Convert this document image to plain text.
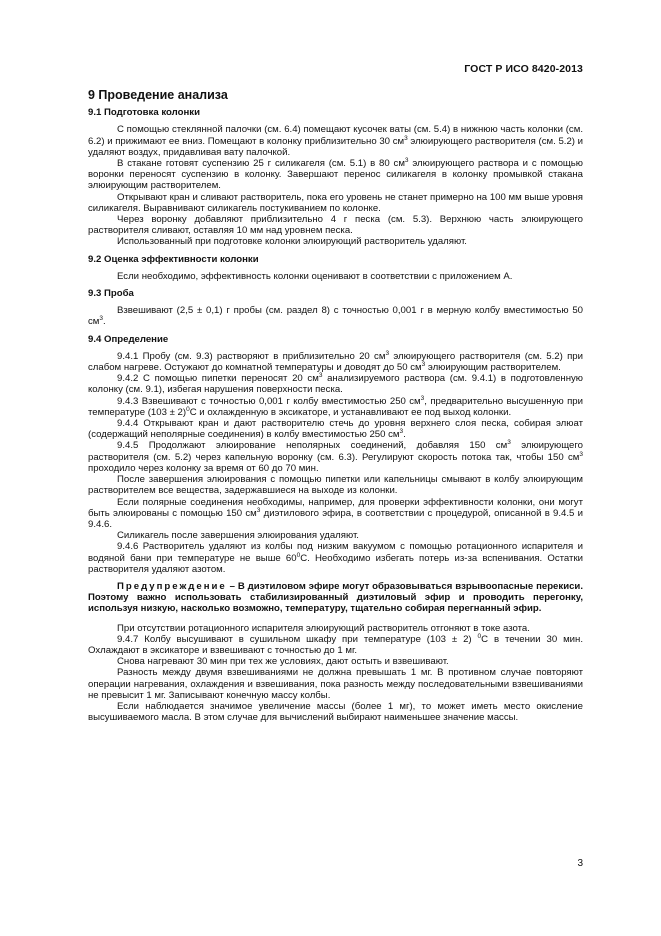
ГОСТ Р ИСО 8420-2013
9 Проведение анализа
9.1 Подготовка колонки

С помощью стеклянной палочки (см. 6.4) помещают кусочек ваты (см. 5.4) в нижнюю часть колонки (см. 6.2) и прижимают ее вниз. Помещают в колонку приблизительно 30 $см^3$ элюирующего растворителя (см. 5.2) и удаляют воздух, придавливая вату палочкой.

В стакане готовят суспензию 25 г силикагеля (см. 5.1) в 80 $см^3$ элюирующего раствора и с помощью воронки переносят суспензию в колонку. Завершают перенос силикагеля в колонку промывкой стакана элюирующим растворителем.

Открывают кран и сливают растворитель, пока его уровень не станет примерно на 100 мм выше уровня силикагеля. Выравнивают силикагель постукиванием по колонке.

Через воронку добавляют приблизительно 4 г песка (см. 5.3). Верхнюю часть элюирующего растворителя сливают, оставляя 10 мм над уровнем песка.

Использованный при подготовке колонки элюирующий растворитель удаляют.

9.2 Оценка эффективности колонки

Если необходимо, эффективность колонки оценивают в соответствии с приложением А.

9.3 Проба

Взвешивают (2,5 ± 0,1) г пробы (см. раздел 8) с точностью 0,001 г в мерную колбу вместимостью 50 $см^3$.

9.4 Определение

9.4.1 Пробу (см. 9.3) растворяют в приблизительно 20 $см^3$ элюирующего растворителя (см. 5.2) при слабом нагреве. Остужают до комнатной температуры и доводят до 50 $см^3$ элюирующим растворителем.

9.4.2 С помощью пипетки переносят 20 $см^3$ анализируемого раствора (см. 9.4.1) в подготовленную колонку (см. 9.1), избегая нарушения поверхности песка.

9.4.3 Взвешивают с точностью 0,001 г колбу вместимостью 250 $см^3$, предварительно высушенную при температуре $(103 \pm 2)^0С$ и охлажденную в эксикаторе, и устанавливают ее под выход колонки.

9.4.4 Открывают кран и дают растворителю стечь до уровня верхнего слоя песка, собирая элюат (содержащий неполярные соединения) в колбу вместимостью 250 $см^3$.

9.4.5 Продолжают элюирование неполярных соединений, добавляя 150 $см^3$ элюирующего растворителя (см. 5.2) через капельную воронку (см. 6.3). Регулируют скорость потока так, чтобы 150 $см^3$ проходило через колонку за время от 60 до 70 мин.

После завершения элюирования с помощью пипетки или капельницы смывают в колбу элюирующим растворителем все вещества, задержавшиеся на выходе из колонки.

Если полярные соединения необходимы, например, для проверки эффективности колонки, они могут быть элюированы с помощью 150 $см^3$ диэтилового эфира, в соответствии с процедурой, описанной в 9.4.5 и 9.4.6.

Силикагель после завершения элюирования удаляют.

9.4.6 Растворитель удаляют из колбы под низким вакуумом с помощью ротационного испарителя и водяной бани при температуре не выше $60^0С$. Необходимо избегать потерь из-за вспенивания. Остатки растворителя удаляют азотом.

Предупреждение – В диэтиловом эфире могут образовываться взрывоопасные перекиси. Поэтому важно использовать стабилизированный диэтиловый эфир и проводить перегонку, используя низкую, насколько возможно, температуру, тщательно собирая перегнанный эфир.

При отсутствии ротационного испарителя элюирующий растворитель отгоняют в токе азота.

9.4.7 Колбу высушивают в сушильном шкафу при температуре (103 ± 2) $^0$С в течении 30 мин. Охлаждают в эксикаторе и взвешивают с точностью до 1 мг.

Снова нагревают 30 мин при тех же условиях, дают остыть и взвешивают.

Разность между двумя взвешиваниями не должна превышать 1 мг. В противном случае повторяют операции нагревания, охлаждения и взвешивания, пока разность между последовательными взвешиваниями не превысит 1 мг. Записывают конечную массу колбы.

Если наблюдается значимое увеличение массы (более 1 мг), то может иметь место окисление высушиваемого масла. В этом случае для вычислений выбирают наименьшее значение массы.

3
